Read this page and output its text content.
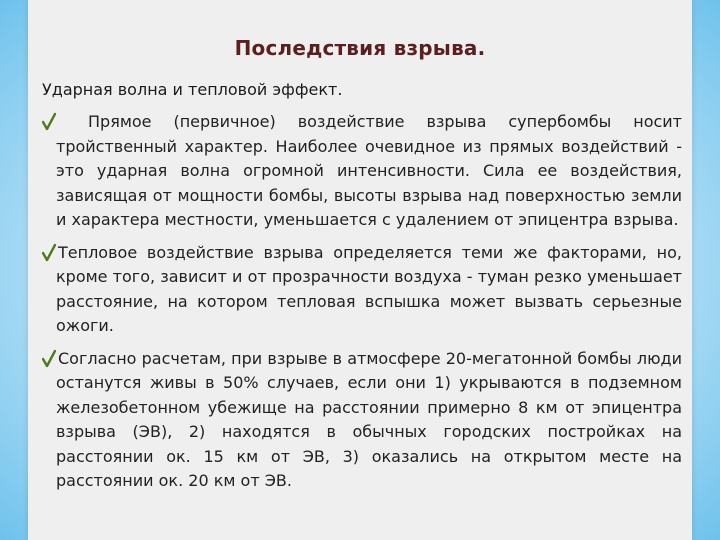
Последствия взрыва.
Ударная волна и тепловой эффект.

Прямое (первичное) воздействие взрыва супербомбы носит тройственный характер. Наиболее очевидное из прямых воздействий - это ударная волна огромной интенсивности. Сила ее воздействия, зависящая от мощности бомбы, высоты взрыва над поверхностью земли и характера местности, уменьшается с удалением от эпицентра взрыва.

Тепловое воздействие взрыва определяется теми же факторами, но, кроме того, зависит и от прозрачности воздуха - туман резко уменьшает расстояние, на котором тепловая вспышка может вызвать серьезные ожоги.

Согласно расчетам, при взрыве в атмосфере 20-мегатонной бомбы люди останутся живы в 50% случаев, если они 1) укрываются в подземном железобетонном убежище на расстоянии примерно 8 км от эпицентра взрыва (ЭВ), 2) находятся в обычных городских постройках на расстоянии ок. 15 км от ЭВ, 3) оказались на открытом месте на расстоянии ок. 20 км от ЭВ.
